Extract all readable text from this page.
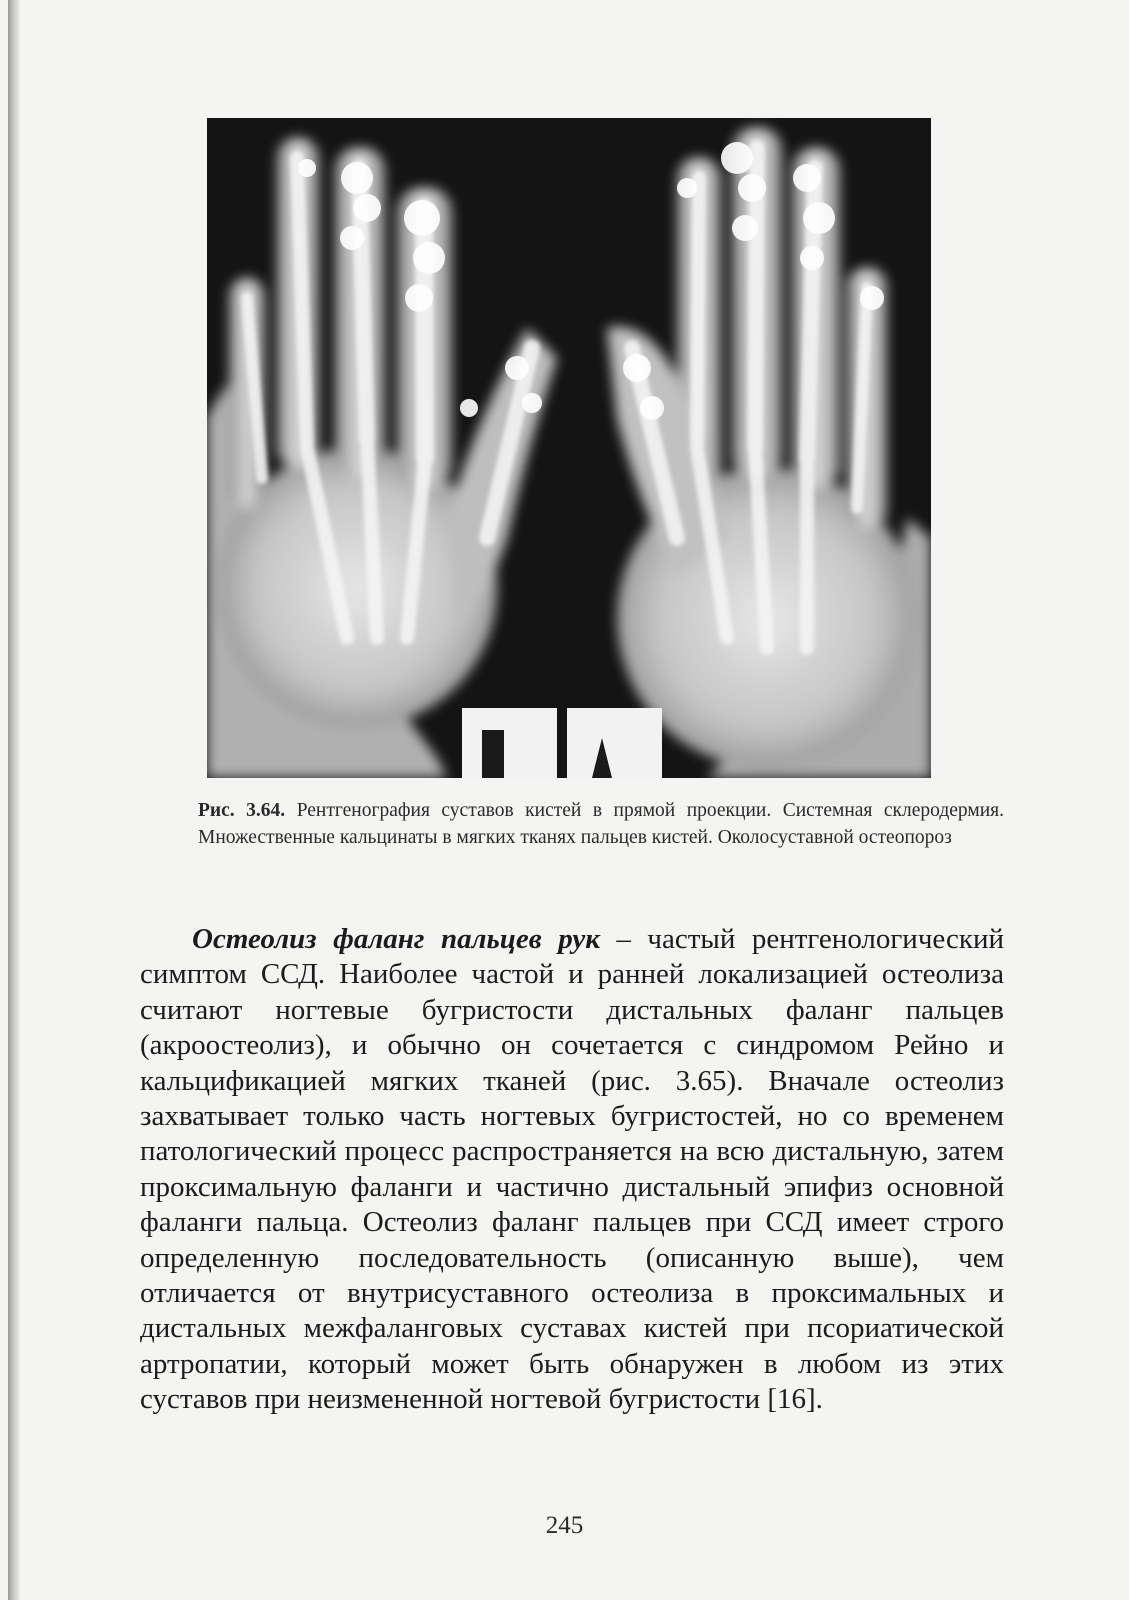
Рис. 3.64. Рентгенография суставов кистей в прямой проекции. Системная склеродермия. Множественные кальцинаты в мягких тканях пальцев кистей. Околосуставной остеопороз
Остеолиз фаланг пальцев рук – частый рентгенологический симптом ССД. Наиболее частой и ранней локализацией остеолиза считают ногтевые бугристости дистальных фаланг пальцев (акроостеолиз), и обычно он сочетается с синдромом Рейно и кальцификацией мягких тканей (рис. 3.65). Вначале остеолиз захватывает только часть ногтевых бугристостей, но со временем патологический процесс распространяется на всю дистальную, затем проксимальную фаланги и частично дистальный эпифиз основной фаланги пальца. Остеолиз фаланг пальцев при ССД имеет строго определенную последовательность (описанную выше), чем отличается от внутрисуставного остеолиза в проксимальных и дистальных межфаланговых суставах кистей при псориатической артропатии, который может быть обнаружен в любом из этих суставов при неизмененной ногтевой бугристости [16].
245
